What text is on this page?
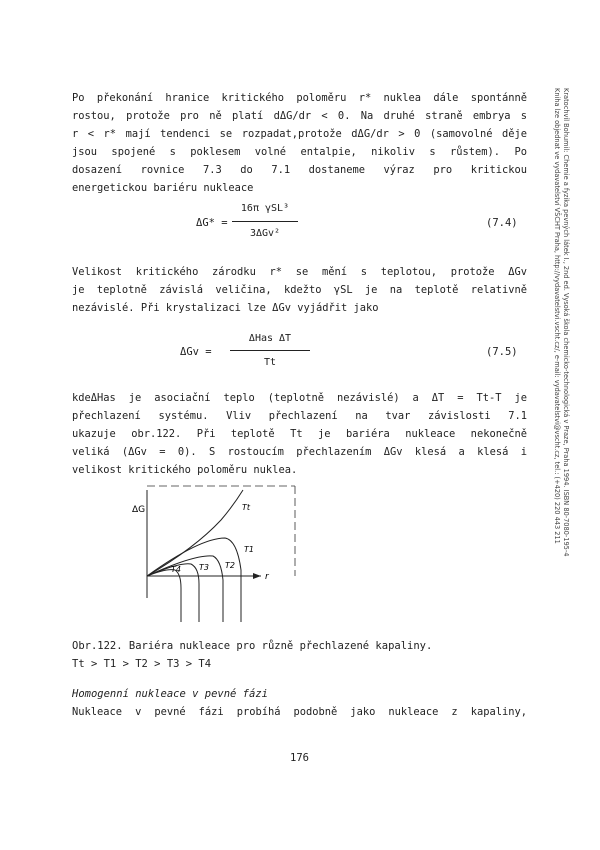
Kratochvíl Bohumil: Chemie a fyzika pevných látek I., 2nd ed. Vysoká škola chemicko-technologická v Praze, Praha 1994. ISBN 80-7080-195-4
Kniha lze objednat ve vydavatelství VŠCHT Praha, http://vydavatelstvi.vscht.cz/, e-mail: vydavatelstvi@vscht.cz, tel.: (+420) 220 443 211
Po překonání hranice kritického poloměru r* nuklea dále spontánně
rostou, protože pro ně platí dΔG/dr < 0. Na druhé straně embrya s
r < r* mají tendenci se rozpadat,protože dΔG/dr > 0 (samovolné děje
jsou spojené s poklesem volné entalpie, nikoliv s růstem). Po
dosazení rovnice 7.3 do 7.1 dostaneme výraz pro kritickou
energetickou bariéru nukleace
ΔG* =
16π γSL³
3ΔGv²
(7.4)
Velikost kritického zárodku r* se mění s teplotou, protože ΔGv
je teplotně závislá veličina, kdežto γSL je na teplotě relativně
nezávislé. Při krystalizaci lze ΔGv vyjádřit jako
ΔGv =
ΔHas ΔT
Tt
(7.5)
kdeΔHas je asociační teplo (teplotně nezávislé) a ΔT = Tt-T je
přechlazení systému. Vliv přechlazení na tvar závislosti 7.1
ukazuje obr.122. Při teplotě Tt je bariéra nukleace nekonečně
veliká (ΔGv = 0). S rostoucím přechlazením ΔGv klesá a klesá i
velikost kritického poloměru nuklea.
ΔG
r
Tt
T1
T2
T3
T4
Obr.122. Bariéra nukleace pro různě přechlazené kapaliny.
Tt > T1 > T2 > T3 > T4
Homogenní nukleace v pevné fázi
Nukleace v pevné fázi probíhá podobně jako nukleace z kapaliny,
176
